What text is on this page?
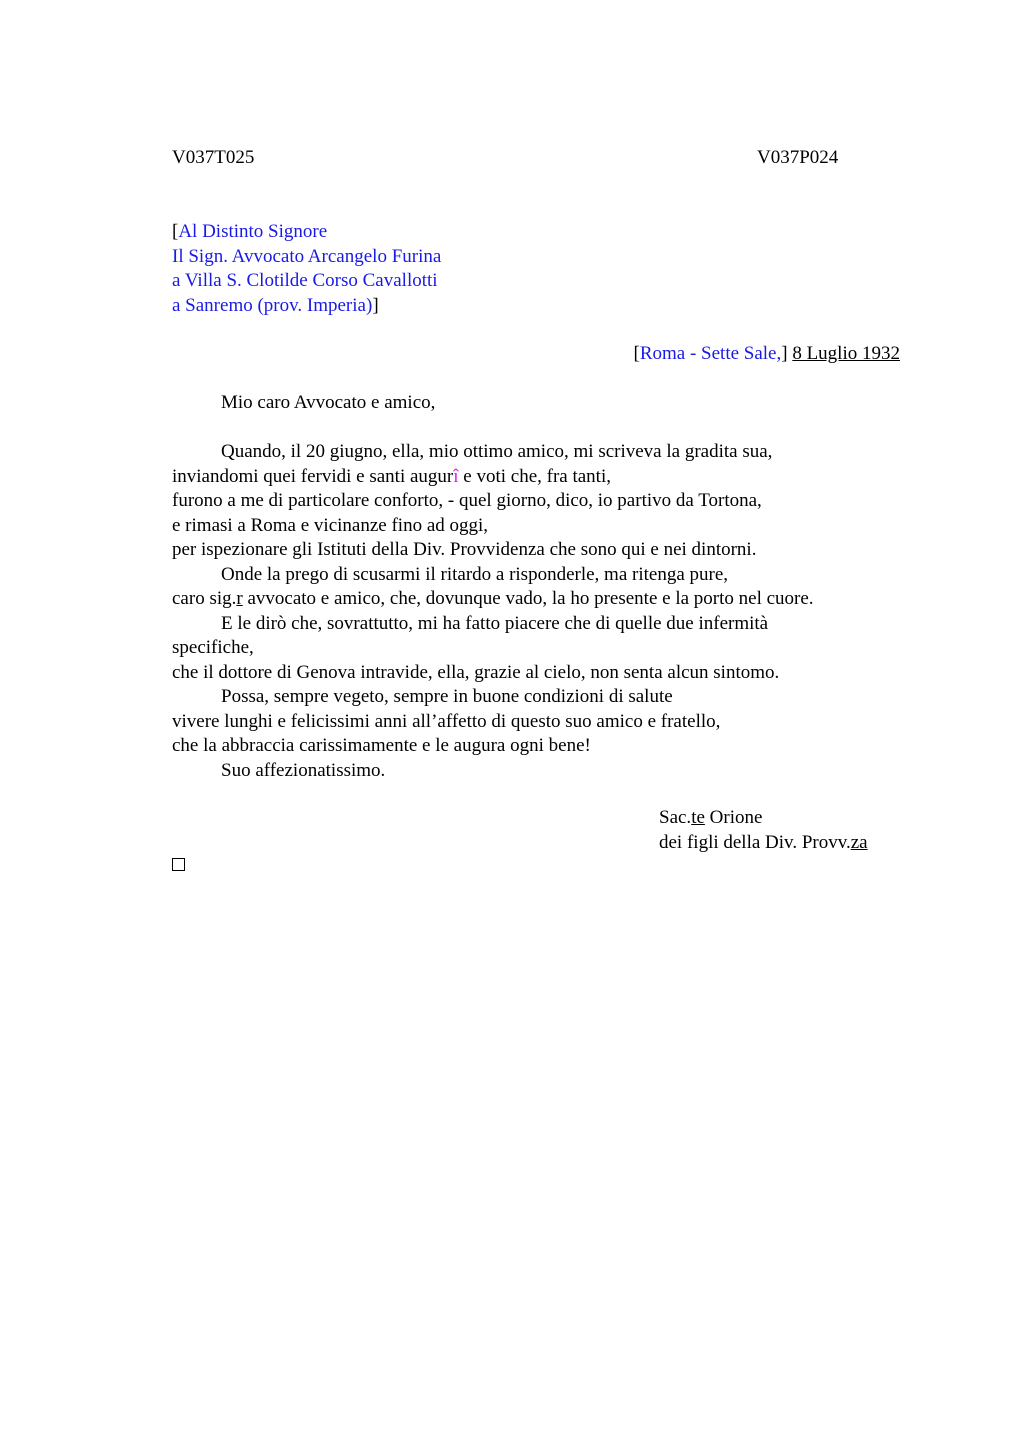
V037T025	V037P024
[Al Distinto Signore
Il Sign. Avvocato Arcangelo Furina
a Villa S. Clotilde Corso Cavallotti
a Sanremo (prov. Imperia)]
[Roma - Sette Sale,] 8 Luglio 1932
Mio caro Avvocato e amico,
Quando, il 20 giugno, ella, mio ottimo amico, mi scriveva la gradita sua,
inviandomi quei fervidi e santi augurî e voti che, fra tanti,
furono a me di particolare conforto, - quel giorno, dico, io partivo da Tortona,
e rimasi a Roma e vicinanze fino ad oggi,
per ispezionare gli Istituti della Div. Provvidenza che sono qui e nei dintorni.
Onde la prego di scusarmi il ritardo a risponderle, ma ritenga pure,
caro sig.r avvocato e amico, che, dovunque vado, la ho presente e la porto nel cuore.
E le dirò che, sovrattutto, mi ha fatto piacere che di quelle due infermità
specifiche,
che il dottore di Genova intravide, ella, grazie al cielo, non senta alcun sintomo.
Possa, sempre vegeto, sempre in buone condizioni di salute
vivere lunghi e felicissimi anni all’affetto di questo suo amico e fratello,
che la abbraccia carissimamente e le augura ogni bene!
Suo affezionatissimo.
Sac.te Orione
dei figli della Div. Provv.za
